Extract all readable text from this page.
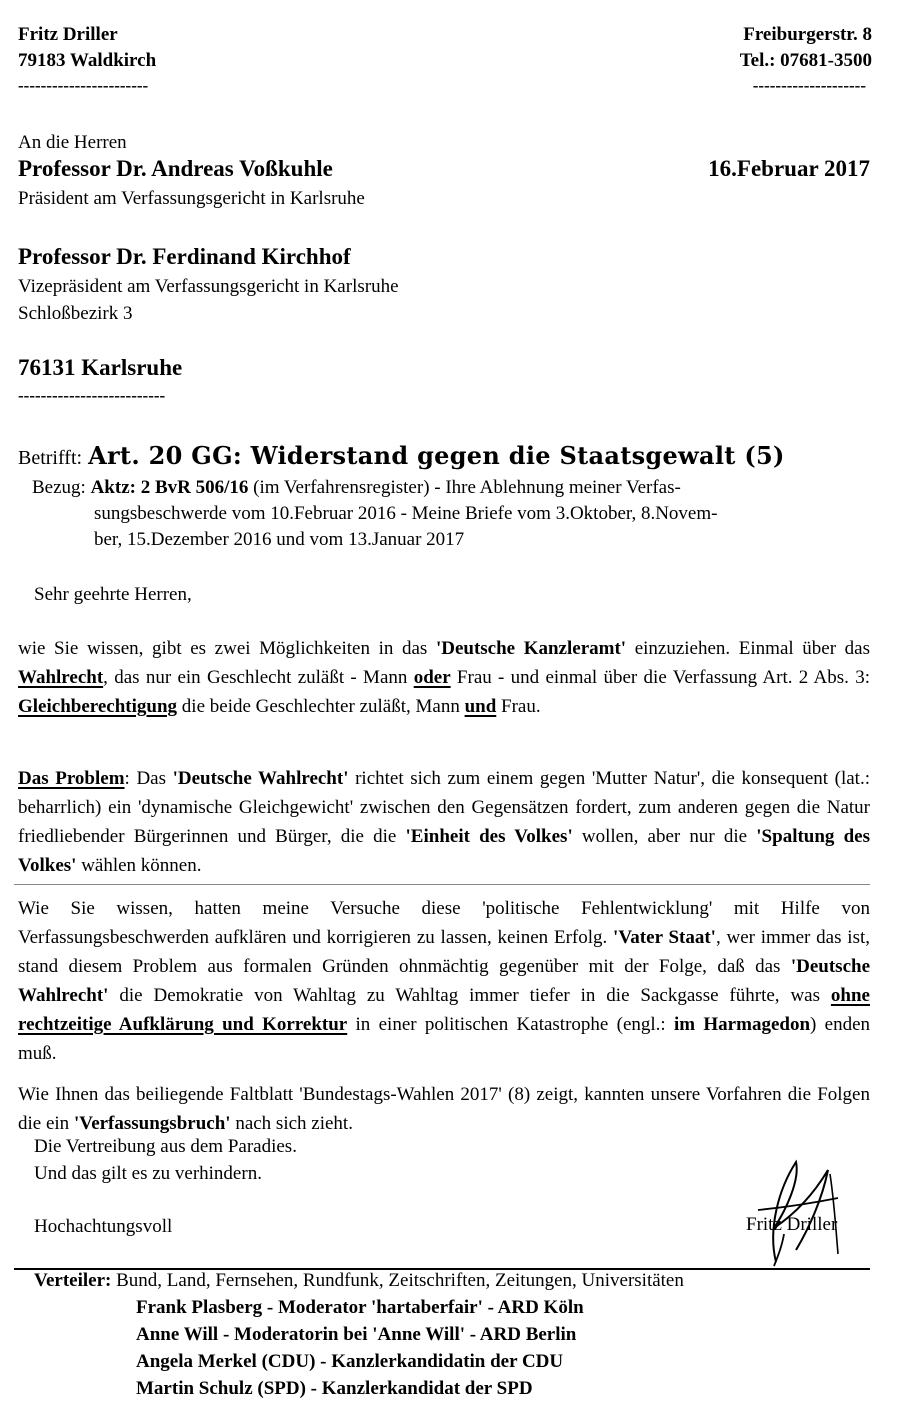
Fritz Driller
79183 Waldkirch
-----------------------
Freiburgerstr. 8
Tel.: 07681-3500
--------------------
An die Herren
Professor Dr. Andreas Voßkuhle	16.Februar 2017
Präsident am Verfassungsgericht in Karlsruhe
Professor Dr. Ferdinand Kirchhof
Vizepräsident am Verfassungsgericht in Karlsruhe
Schloßbezirk 3
76131 Karlsruhe
--------------------------
Betrifft: Art. 20 GG: Widerstand gegen die Staatsgewalt (5)
Bezug: Aktz: 2 BvR 506/16 (im Verfahrensregister) - Ihre Ablehnung meiner Verfas-
sungsbeschwerde vom 10.Februar 2016 - Meine Briefe vom 3.Oktober, 8.Novem-
ber, 15.Dezember 2016 und vom 13.Januar 2017
Sehr geehrte Herren,
wie Sie wissen, gibt es zwei Möglichkeiten in das 'Deutsche Kanzleramt' einzuziehen. Einmal über das Wahlrecht, das nur ein Geschlecht zuläßt - Mann oder Frau - und einmal über die Verfassung Art. 2 Abs. 3: Gleichberechtigung die beide Geschlechter zuläßt, Mann und Frau.
Das Problem: Das 'Deutsche Wahlrecht' richtet sich zum einem gegen 'Mutter Natur', die konsequent (lat.: beharrlich) ein 'dynamische Gleichgewicht' zwischen den Gegensätzen fordert, zum anderen gegen die Natur friedliebender Bürgerinnen und Bürger, die die 'Einheit des Volkes' wollen, aber nur die 'Spaltung des Volkes' wählen können.
Wie Sie wissen, hatten meine Versuche diese 'politische Fehlentwicklung' mit Hilfe von Verfassungsbeschwerden aufklären und korrigieren zu lassen, keinen Erfolg. 'Vater Staat', wer immer das ist, stand diesem Problem aus formalen Gründen ohnmächtig gegenüber mit der Folge, daß das 'Deutsche Wahlrecht' die Demokratie von Wahltag zu Wahltag immer tiefer in die Sackgasse führte, was ohne rechtzeitige Aufklärung und Korrektur in einer politischen Katastrophe (engl.: im Harmagedon) enden muß.
Wie Ihnen das beiliegende Faltblatt 'Bundestags-Wahlen 2017' (8) zeigt, kannten unsere Vorfahren die Folgen die ein 'Verfassungsbruch' nach sich zieht.
Die Vertreibung aus dem Paradies.
Und das gilt es zu verhindern.
Hochachtungsvoll	Fritz Driller
Verteiler: Bund, Land, Fernsehen, Rundfunk, Zeitschriften, Zeitungen, Universitäten
Frank Plasberg - Moderator 'hartaberfair' - ARD Köln
Anne Will - Moderatorin bei 'Anne Will' - ARD Berlin
Angela Merkel (CDU) - Kanzlerkandidatin der CDU
Martin Schulz (SPD) - Kanzlerkandidat der SPD
